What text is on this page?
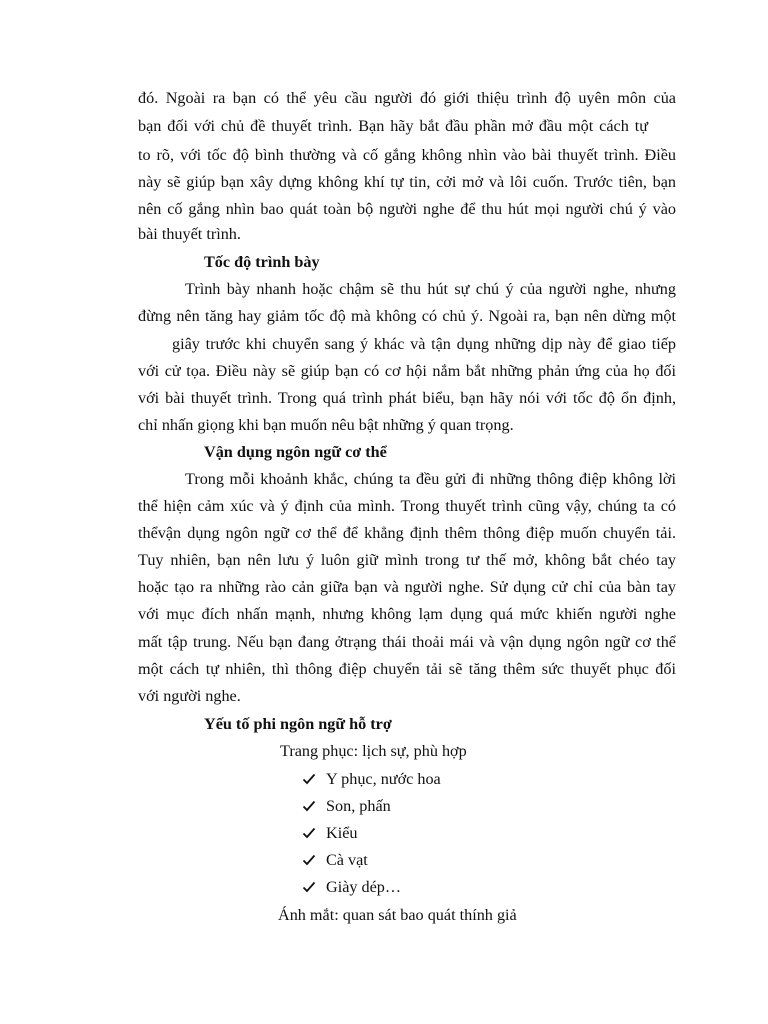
đó. Ngoài ra bạn có thể yêu cầu người đó giới thiệu trình độ uyên môn của
bạn đối với chủ đề thuyết trình. Bạn hãy bắt đầu phần mở đầu một cách tự
to rõ, với tốc độ bình thường và cố gắng không nhìn vào bài thuyết trình. Điều
này sẽ giúp bạn xây dựng không khí tự tin, cởi mở và lôi cuốn. Trước tiên, bạn
nên cố gắng nhìn bao quát toàn bộ người nghe để thu hút mọi người chú ý vào
bài thuyết trình.
Tốc độ trình bày
Trình bày nhanh hoặc chậm sẽ thu hút sự chú ý của người nghe, nhưng
đừng nên tăng hay giảm tốc độ mà không có chủ ý. Ngoài ra, bạn nên dừng một
giây trước khi chuyển sang ý khác và tận dụng những dịp này để giao tiếp
với cử tọa. Điều này sẽ giúp bạn có cơ hội nắm bắt những phản ứng của họ đối
với bài thuyết trình. Trong quá trình phát biểu, bạn hãy nói với tốc độ ổn định,
chỉ nhấn giọng khi bạn muốn nêu bật những ý quan trọng.
Vận dụng ngôn ngữ cơ thể
Trong mỗi khoảnh khắc, chúng ta đều gửi đi những thông điệp không lời
thể hiện cảm xúc và ý định của mình. Trong thuyết trình cũng vậy, chúng ta có
thểvận dụng ngôn ngữ cơ thể để khẳng định thêm thông điệp muốn chuyển tải.
Tuy nhiên, bạn nên lưu ý luôn giữ mình trong tư thế mở, không bắt chéo tay
hoặc tạo ra những rào cản giữa bạn và người nghe. Sử dụng cử chỉ của bàn tay
với mục đích nhấn mạnh, nhưng không lạm dụng quá mức khiến người nghe
mất tập trung. Nếu bạn đang ởtrạng thái thoải mái và vận dụng ngôn ngữ cơ thể
một cách tự nhiên, thì thông điệp chuyển tải sẽ tăng thêm sức thuyết phục đối
với người nghe.
Yếu tố phi ngôn ngữ hỗ trợ
Trang phục: lịch sự, phù hợp
Y phục, nước hoa
Son, phấn
Kiểu
Cà vạt
Giày dép…
Ánh mắt: quan sát bao quát thính giả
